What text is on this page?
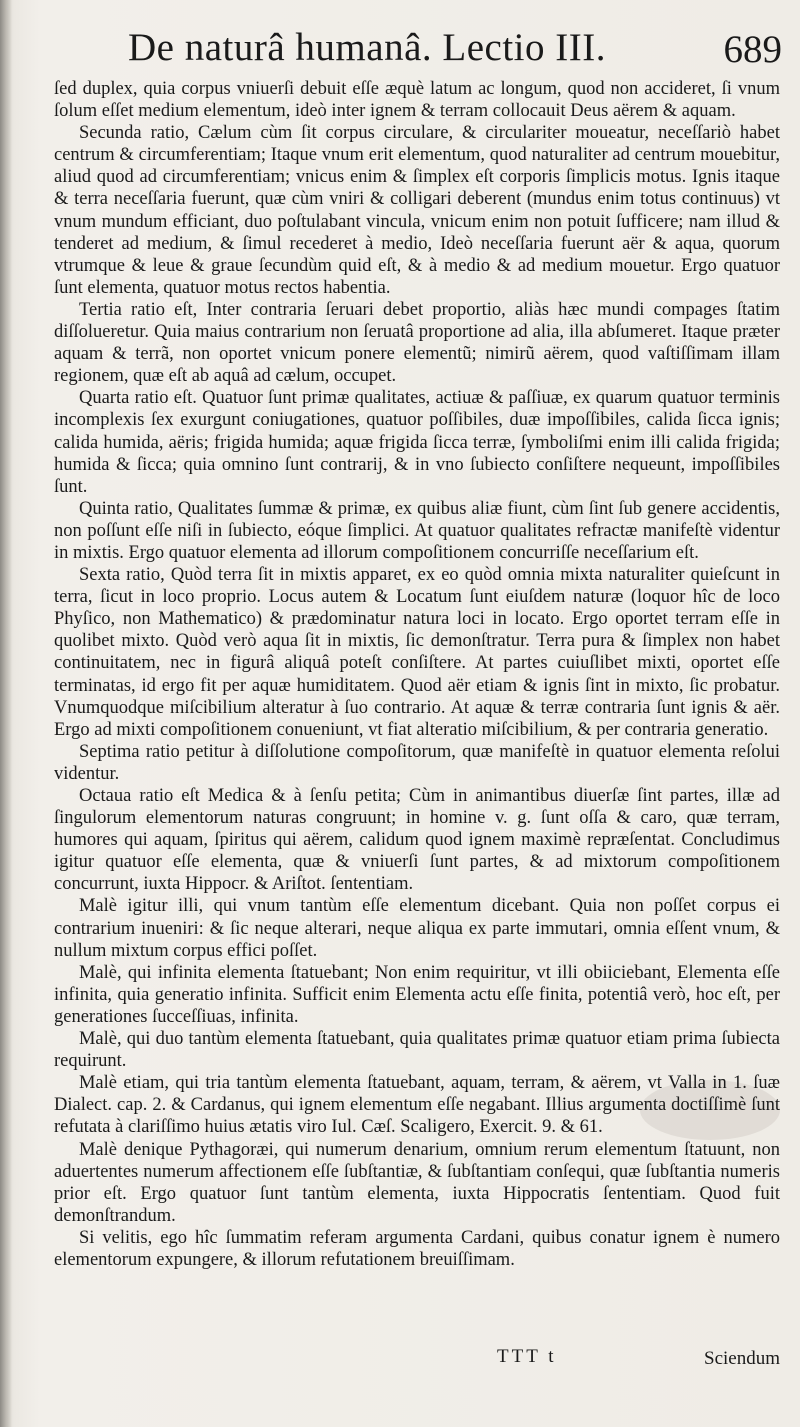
De naturâ humanâ. Lectio III.	689

ſed duplex, quia corpus vniuerſi debuit eſſe æquè latum ac longum, quod non accideret, ſi vnum ſolum eſſet medium elementum, ideò inter ignem & terram collocauit Deus aërem & aquam.

Secunda ratio, Cælum cùm ſit corpus circulare, & circulariter moueatur, neceſſariò habet centrum & circumferentiam; Itaque vnum erit elementum, quod naturaliter ad centrum mouebitur, aliud quod ad circumferentiam; vnicus enim & ſimplex eſt corporis ſimplicis motus. Ignis itaque & terra neceſſaria fuerunt, quæ cùm vniri & colligari deberent (mundus enim totus continuus) vt vnum mundum efficiant, duo poſtulabant vincula, vnicum enim non potuit ſufficere; nam illud & tenderet ad medium, & ſimul recederet à medio, Ideò neceſſaria fuerunt aër & aqua, quorum vtrumque & leue & graue ſecundùm quid eſt, & à medio & ad medium mouetur. Ergo quatuor ſunt elementa, quatuor motus rectos habentia.

Tertia ratio eſt, Inter contraria ſeruari debet proportio, aliàs hæc mundi compages ſtatim diſſolueretur. Quia maius contrarium non ſeruatâ proportione ad alia, illa abſumeret. Itaque præter aquam & terrã, non oportet vnicum ponere elementũ; nimirũ aërem, quod vaſtiſſimam illam regionem, quæ eſt ab aquâ ad cælum, occupet.

Quarta ratio eſt. Quatuor ſunt primæ qualitates, actiuæ & paſſiuæ, ex quarum quatuor terminis incomplexis ſex exurgunt coniugationes, quatuor poſſibiles, duæ impoſſibiles, calida ſicca ignis; calida humida, aëris; frigida humida; aquæ frigida ſicca terræ, ſymboliſmi enim illi calida frigida; humida & ſicca; quia omnino ſunt contrarij, & in vno ſubiecto conſiſtere nequeunt, impoſſibiles ſunt.

Quinta ratio, Qualitates ſummæ & primæ, ex quibus aliæ fiunt, cùm ſint ſub genere accidentis, non poſſunt eſſe niſi in ſubiecto, eóque ſimplici. At quatuor qualitates refractæ manifeſtè videntur in mixtis. Ergo quatuor elementa ad illorum compoſitionem concurriſſe neceſſarium eſt.

Sexta ratio, Quòd terra ſit in mixtis apparet, ex eo quòd omnia mixta naturaliter quieſcunt in terra, ſicut in loco proprio. Locus autem & Locatum ſunt eiuſdem naturæ (loquor hîc de loco Phyſico, non Mathematico) & prædominatur natura loci in locato. Ergo oportet terram eſſe in quolibet mixto. Quòd verò aqua ſit in mixtis, ſic demonſtratur. Terra pura & ſimplex non habet continuitatem, nec in figurâ aliquâ poteſt conſiſtere. At partes cuiuſlibet mixti, oportet eſſe terminatas, id ergo fit per aquæ humiditatem. Quod aër etiam & ignis ſint in mixto, ſic probatur. Vnumquodque miſcibilium alteratur à ſuo contrario. At aquæ & terræ contraria ſunt ignis & aër. Ergo ad mixti compoſitionem conueniunt, vt fiat alteratio miſcibilium, & per contraria generatio.

Septima ratio petitur à diſſolutione compoſitorum, quæ manifeſtè in quatuor elementa reſolui videntur.

Octaua ratio eſt Medica & à ſenſu petita; Cùm in animantibus diuerſæ ſint partes, illæ ad ſingulorum elementorum naturas congruunt; in homine v. g. ſunt oſſa & caro, quæ terram, humores qui aquam, ſpiritus qui aërem, calidum quod ignem maximè repræſentat. Concludimus igitur quatuor eſſe elementa, quæ & vniuerſi ſunt partes, & ad mixtorum compoſitionem concurrunt, iuxta Hippocr. & Ariſtot. ſententiam.

Malè igitur illi, qui vnum tantùm eſſe elementum dicebant. Quia non poſſet corpus ei contrarium inueniri: & ſic neque alterari, neque aliqua ex parte immutari, omnia eſſent vnum, & nullum mixtum corpus effici poſſet.

Malè, qui infinita elementa ſtatuebant; Non enim requiritur, vt illi obiiciebant, Elementa eſſe infinita, quia generatio infinita. Sufficit enim Elementa actu eſſe finita, potentiâ verò, hoc eſt, per generationes ſucceſſiuas, infinita.

Malè, qui duo tantùm elementa ſtatuebant, quia qualitates primæ quatuor etiam prima ſubiecta requirunt.

Malè etiam, qui tria tantùm elementa ſtatuebant, aquam, terram, & aërem, vt Valla in 1. ſuæ Dialect. cap. 2. & Cardanus, qui ignem elementum eſſe negabant. Illius argumenta doctiſſimè ſunt refutata à clariſſimo huius ætatis viro Iul. Cæſ. Scaligero, Exercit. 9. & 61.

Malè denique Pythagoræi, qui numerum denarium, omnium rerum elementum ſtatuunt, non aduertentes numerum affectionem eſſe ſubſtantiæ, & ſubſtantiam conſequi, quæ ſubſtantia numeris prior eſt. Ergo quatuor ſunt tantùm elementa, iuxta Hippocratis ſententiam. Quod fuit demonſtrandum.

Si velitis, ego hîc ſummatim referam argumenta Cardani, quibus conatur ignem è numero elementorum expungere, & illorum refutationem breuiſſimam.

TTT t	Sciendum
